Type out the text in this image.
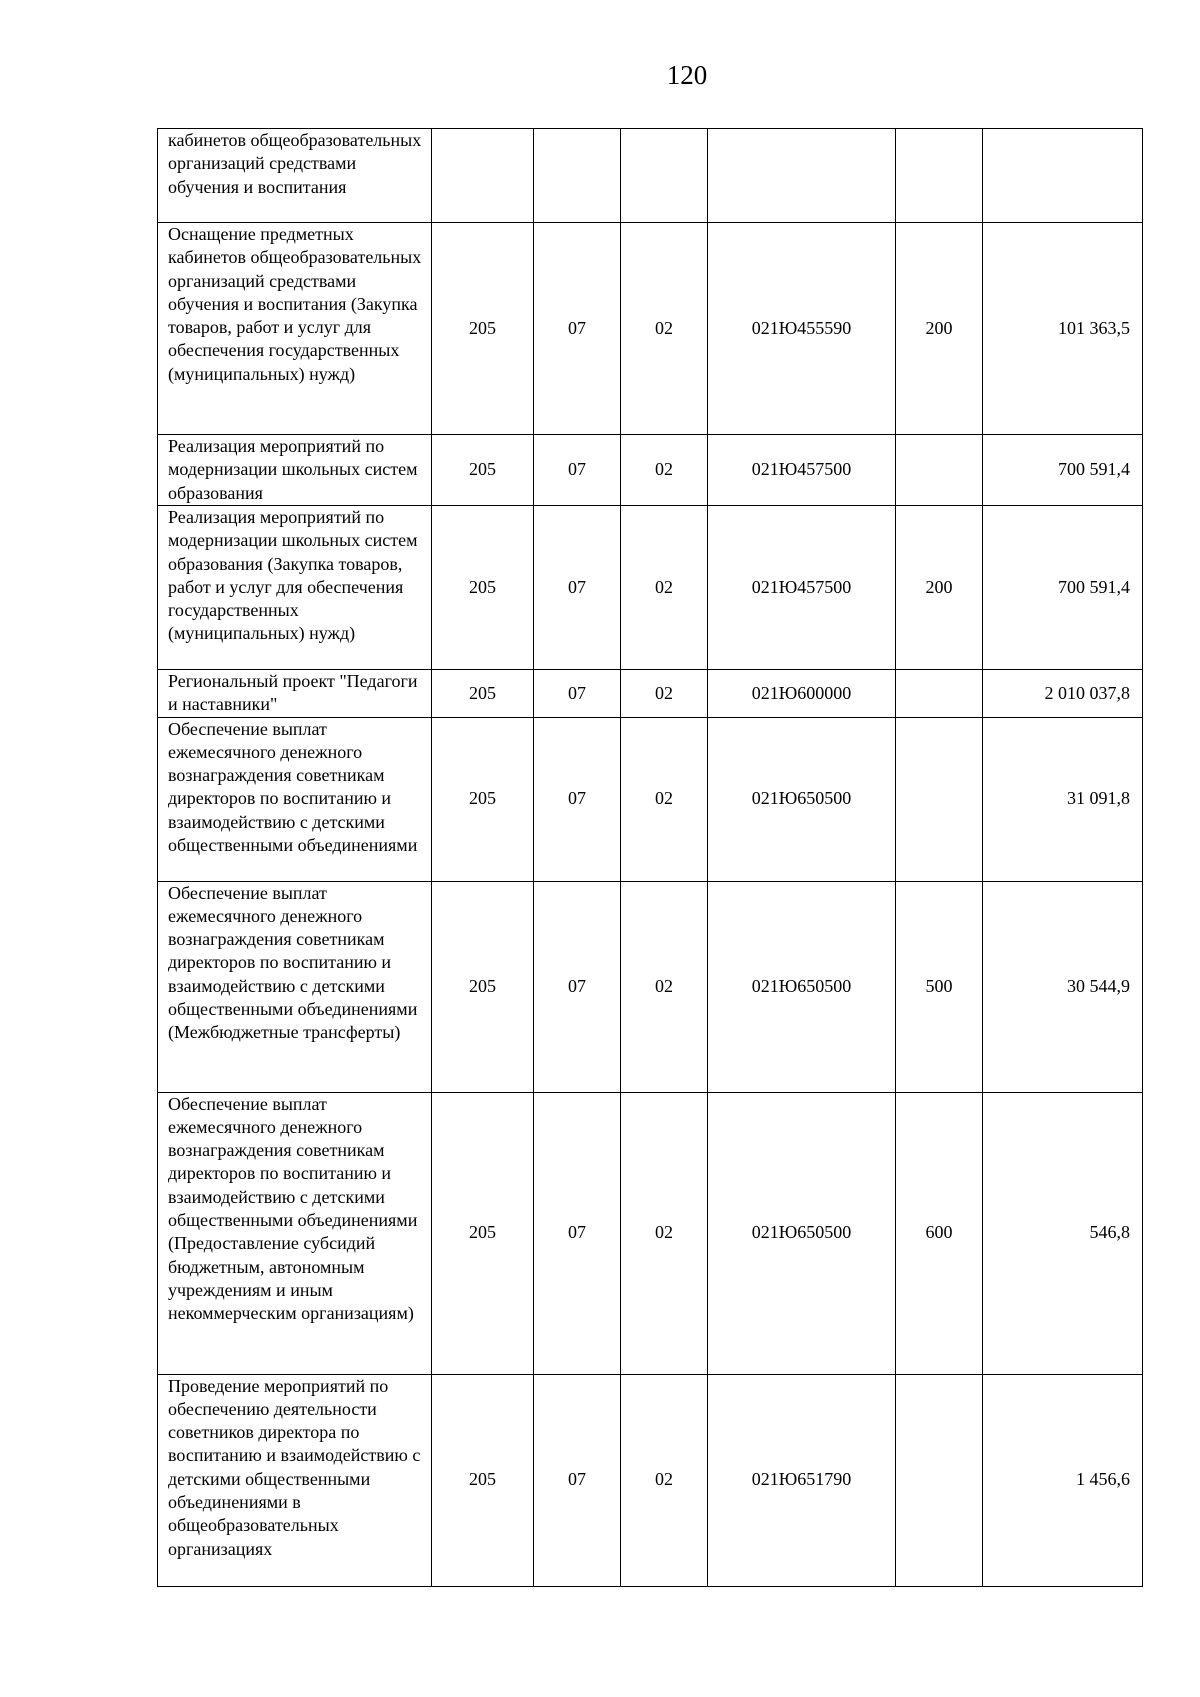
120
кабинетов общеобразовательных организаций средствами обучения и воспитания						
Оснащение предметных кабинетов общеобразовательных организаций средствами обучения и воспитания (Закупка товаров, работ и услуг для обеспечения государственных (муниципальных) нужд)	205	07	02	021Ю455590	200	101 363,5
Реализация мероприятий по модернизации школьных систем образования	205	07	02	021Ю457500		700 591,4
Реализация мероприятий по модернизации школьных систем образования (Закупка товаров, работ и услуг для обеспечения государственных (муниципальных) нужд)	205	07	02	021Ю457500	200	700 591,4
Региональный проект "Педагоги и наставники"	205	07	02	021Ю600000		2 010 037,8
Обеспечение выплат ежемесячного денежного вознаграждения советникам директоров по воспитанию и взаимодействию с детскими общественными объединениями	205	07	02	021Ю650500		31 091,8
Обеспечение выплат ежемесячного денежного вознаграждения советникам директоров по воспитанию и взаимодействию с детскими общественными объединениями (Межбюджетные трансферты)	205	07	02	021Ю650500	500	30 544,9
Обеспечение выплат ежемесячного денежного вознаграждения советникам директоров по воспитанию и взаимодействию с детскими общественными объединениями (Предоставление субсидий бюджетным, автономным учреждениям и иным некоммерческим организациям)	205	07	02	021Ю650500	600	546,8
Проведение мероприятий по обеспечению деятельности советников директора по воспитанию и взаимодействию с детскими общественными объединениями в общеобразовательных организациях	205	07	02	021Ю651790		1 456,6
